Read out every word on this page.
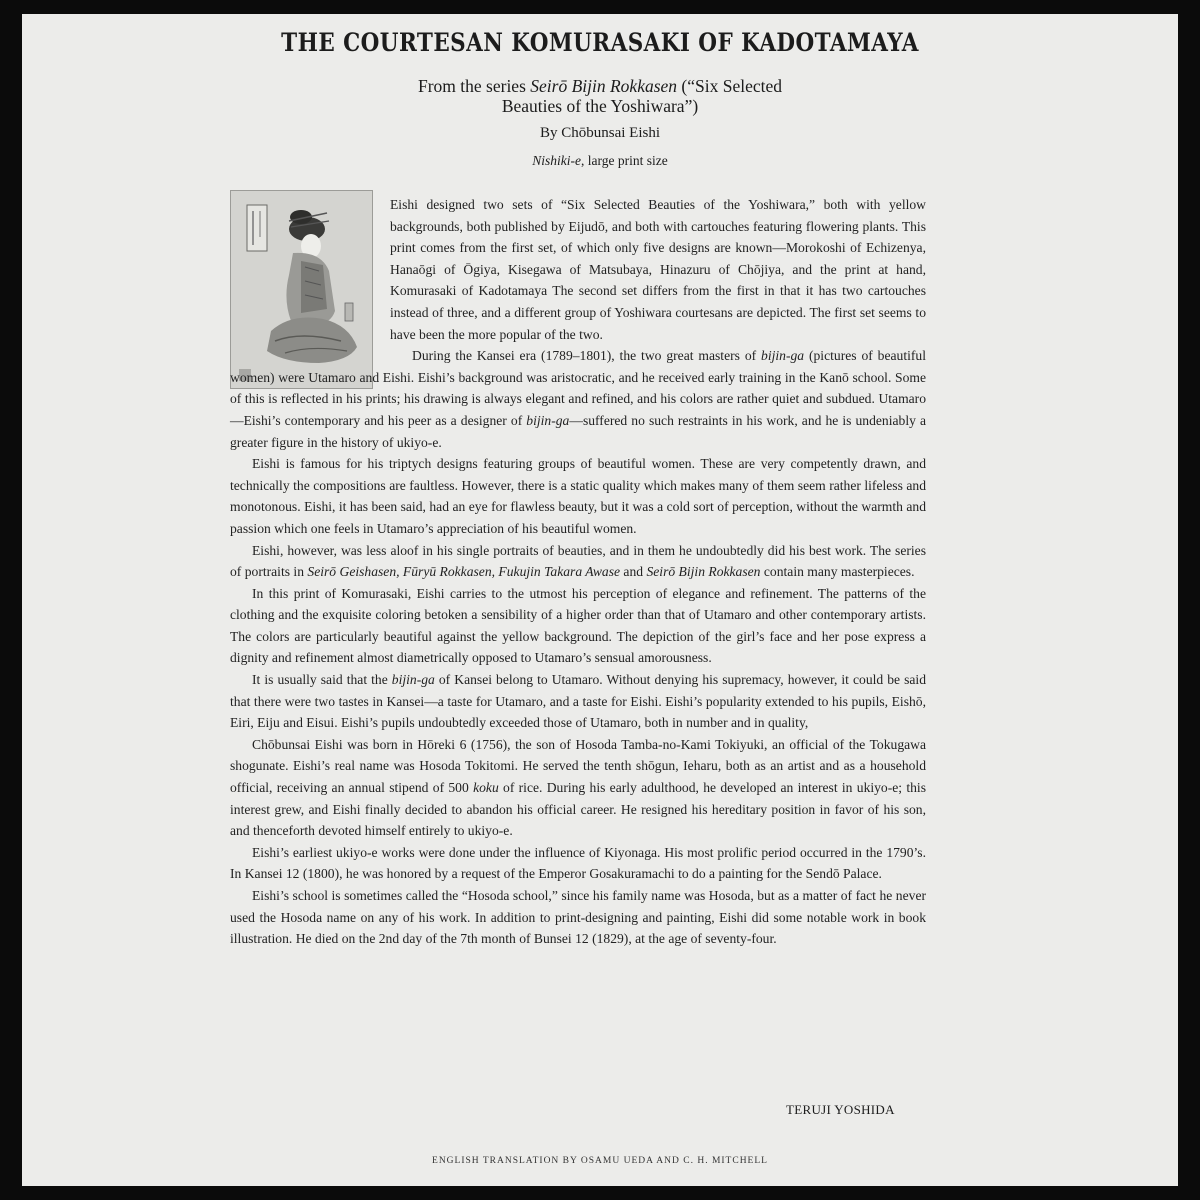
THE COURTESAN KOMURASAKI OF KADOTAMAYA
From the series Seirō Bijin Rokkasen (“Six Selected
Beauties of the Yoshiwara”)
By Chōbunsai Eishi
Nishiki-e, large print size

Eishi designed two sets of “Six Selected Beauties of the Yoshiwara,” both with yellow backgrounds, both published by Eijudō, and both with cartouches featuring flowering plants. This print comes from the first set, of which only five designs are known—Morokoshi of Echizenya, Hanaōgi of Ōgiya, Kisegawa of Matsubaya, Hinazuru of Chōjiya, and the print at hand, Komurasaki of Kadotamaya The second set differs from the first in that it has two cartouches instead of three, and a different group of Yoshiwara courtesans are depicted. The first set seems to have been the more popular of the two.

During the Kansei era (1789–1801), the two great masters of bijin-ga (pictures of beautiful women) were Utamaro and Eishi. Eishi’s background was aristocratic, and he received early training in the Kanō school. Some of this is reflected in his prints; his drawing is always elegant and refined, and his colors are rather quiet and subdued. Utamaro—Eishi’s contemporary and his peer as a designer of bijin-ga—suffered no such restraints in his work, and he is undeniably a greater figure in the history of ukiyo-e.

Eishi is famous for his triptych designs featuring groups of beautiful women. These are very competently drawn, and technically the compositions are faultless. However, there is a static quality which makes many of them seem rather lifeless and monotonous. Eishi, it has been said, had an eye for flawless beauty, but it was a cold sort of perception, without the warmth and passion which one feels in Utamaro’s appreciation of his beautiful women.

Eishi, however, was less aloof in his single portraits of beauties, and in them he undoubtedly did his best work. The series of portraits in Seirō Geishasen, Fūryū Rokkasen, Fukujin Takara Awase and Seirō Bijin Rokkasen contain many masterpieces.

In this print of Komurasaki, Eishi carries to the utmost his perception of elegance and refinement. The patterns of the clothing and the exquisite coloring betoken a sensibility of a higher order than that of Utamaro and other contemporary artists. The colors are particularly beautiful against the yellow background. The depiction of the girl’s face and her pose express a dignity and refinement almost diametrically opposed to Utamaro’s sensual amorousness.

It is usually said that the bijin-ga of Kansei belong to Utamaro. Without denying his supremacy, however, it could be said that there were two tastes in Kansei—a taste for Utamaro, and a taste for Eishi. Eishi’s popularity extended to his pupils, Eishō, Eiri, Eiju and Eisui. Eishi’s pupils undoubtedly exceeded those of Utamaro, both in number and in quality,

Chōbunsai Eishi was born in Hōreki 6 (1756), the son of Hosoda Tamba-no-Kami Tokiyuki, an official of the Tokugawa shogunate. Eishi’s real name was Hosoda Tokitomi. He served the tenth shōgun, Ieharu, both as an artist and as a household official, receiving an annual stipend of 500 koku of rice. During his early adulthood, he developed an interest in ukiyo-e; this interest grew, and Eishi finally decided to abandon his official career. He resigned his hereditary position in favor of his son, and thenceforth devoted himself entirely to ukiyo-e.

Eishi’s earliest ukiyo-e works were done under the influence of Kiyonaga. His most prolific period occurred in the 1790’s. In Kansei 12 (1800), he was honored by a request of the Emperor Gosakuramachi to do a painting for the Sendō Palace.

Eishi’s school is sometimes called the “Hosoda school,” since his family name was Hosoda, but as a matter of fact he never used the Hosoda name on any of his work. In addition to print-designing and painting, Eishi did some notable work in book illustration. He died on the 2nd day of the 7th month of Bunsei 12 (1829), at the age of seventy-four.

TERUJI YOSHIDA
ENGLISH TRANSLATION BY OSAMU UEDA AND C. H. MITCHELL
